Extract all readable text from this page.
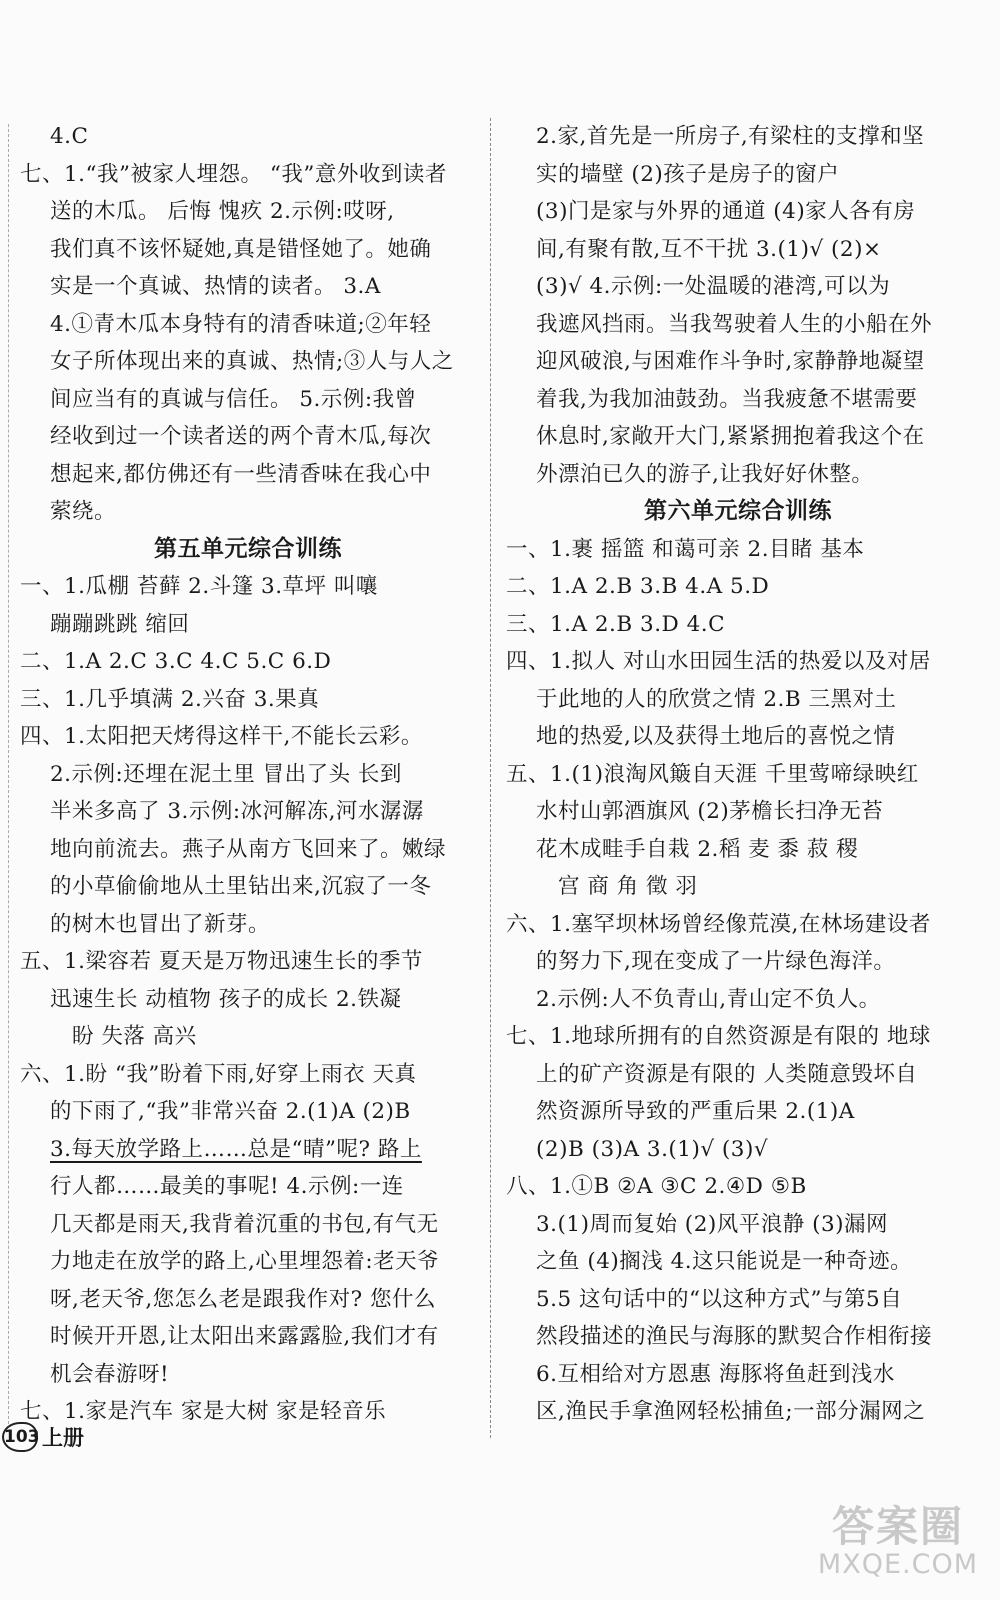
4.C
七、1.“我”被家人埋怨。 “我”意外收到读者
送的木瓜。 后悔 愧疚 2.示例:哎呀,
我们真不该怀疑她,真是错怪她了。她确
实是一个真诚、热情的读者。 3.A
4.①青木瓜本身特有的清香味道;②年轻
女子所体现出来的真诚、热情;③人与人之
间应当有的真诚与信任。 5.示例:我曾
经收到过一个读者送的两个青木瓜,每次
想起来,都仿佛还有一些清香味在我心中
萦绕。
第五单元综合训练
一、1.瓜棚 苔藓 2.斗篷 3.草坪 叫嚷
蹦蹦跳跳 缩回
二、1.A 2.C 3.C 4.C 5.C 6.D
三、1.几乎填满 2.兴奋 3.果真
四、1.太阳把天烤得这样干,不能长云彩。
2.示例:还埋在泥土里 冒出了头 长到
半米多高了 3.示例:冰河解冻,河水潺潺
地向前流去。燕子从南方飞回来了。嫩绿
的小草偷偷地从土里钻出来,沉寂了一冬
的树木也冒出了新芽。
五、1.梁容若 夏天是万物迅速生长的季节
迅速生长 动植物 孩子的成长 2.铁凝
盼 失落 高兴
六、1.盼 “我”盼着下雨,好穿上雨衣 天真
的下雨了,“我”非常兴奋 2.(1)A (2)B
3.每天放学路上……总是“晴”呢? 路上
行人都……最美的事呢! 4.示例:一连
几天都是雨天,我背着沉重的书包,有气无
力地走在放学的路上,心里埋怨着:老天爷
呀,老天爷,您怎么老是跟我作对? 您什么
时候开开恩,让太阳出来露露脸,我们才有
机会春游呀!
七、1.家是汽车 家是大树 家是轻音乐
2.家,首先是一所房子,有梁柱的支撑和坚
实的墙壁 (2)孩子是房子的窗户
(3)门是家与外界的通道 (4)家人各有房
间,有聚有散,互不干扰 3.(1)√ (2)×
(3)√ 4.示例:一处温暖的港湾,可以为
我遮风挡雨。当我驾驶着人生的小船在外
迎风破浪,与困难作斗争时,家静静地凝望
着我,为我加油鼓劲。当我疲惫不堪需要
休息时,家敞开大门,紧紧拥抱着我这个在
外漂泊已久的游子,让我好好休整。
第六单元综合训练
一、1.裹 摇篮 和蔼可亲 2.目睹 基本
二、1.A 2.B 3.B 4.A 5.D
三、1.A 2.B 3.D 4.C
四、1.拟人 对山水田园生活的热爱以及对居
于此地的人的欣赏之情 2.B 三黑对土
地的热爱,以及获得土地后的喜悦之情
五、1.(1)浪淘风簸自天涯 千里莺啼绿映红
水村山郭酒旗风 (2)茅檐长扫净无苔
花木成畦手自栽 2.稻 麦 黍 菽 稷
宫 商 角 徵 羽
六、1.塞罕坝林场曾经像荒漠,在林场建设者
的努力下,现在变成了一片绿色海洋。
2.示例:人不负青山,青山定不负人。
七、1.地球所拥有的自然资源是有限的 地球
上的矿产资源是有限的 人类随意毁坏自
然资源所导致的严重后果 2.(1)A
(2)B (3)A 3.(1)√ (3)√
八、1.①B ②A ③C 2.④D ⑤B
3.(1)周而复始 (2)风平浪静 (3)漏网
之鱼 (4)搁浅 4.这只能说是一种奇迹。
5.5 这句话中的“以这种方式”与第5自
然段描述的渔民与海豚的默契合作相衔接
6.互相给对方恩惠 海豚将鱼赶到浅水
区,渔民手拿渔网轻松捕鱼;一部分漏网之
103 上册
答案圈
MXQE.COM
